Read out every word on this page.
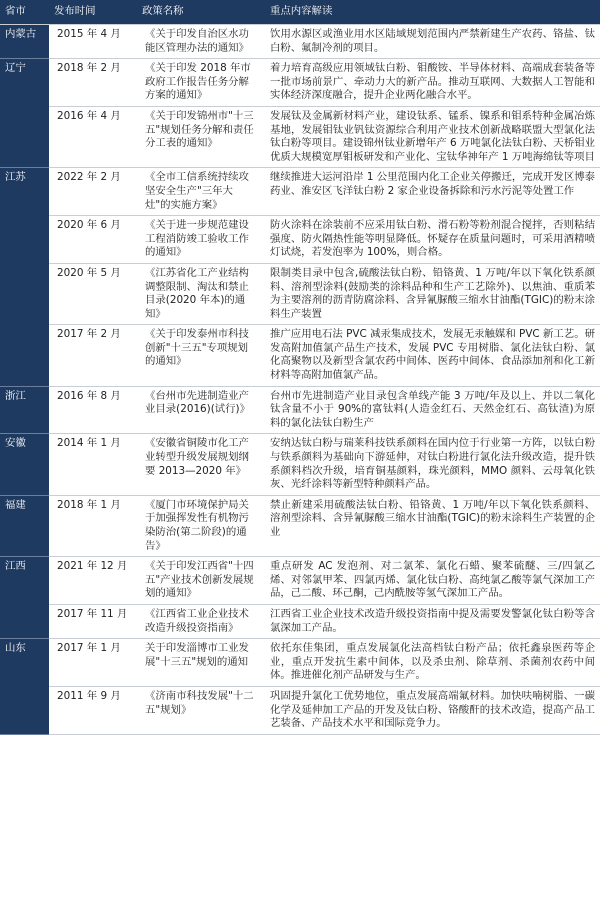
省市	发布时间	政策名称	重点内容解读
内蒙古	2015 年 4 月	《关于印发自治区水功能区管理办法的通知》	饮用水源区或渔业用水区陆域规划范围内严禁新建生产农药、铬盐、钛白粉、氟制冷剂的项目。
辽宁	2018 年 2 月	《关于印发 2018 年市政府工作报告任务分解方案的通知》	着力培育高级应用领域钛白粉、钼酸铵、半导体材料、高端成套装备等一批市场前景广、牵动力大的新产品。推动互联网、大数据人工智能和实体经济深度融合，提升企业两化融合水平。
	2016 年 4 月	《关于印发锦州市"十三五"规划任务分解和责任分工表的通知》	发展钛及金属新材料产业，建设钛系、锰系、镍系和钼系特种金属冶炼基地，发展钼钛业钒钛资源综合利用产业技术创新战略联盟大型氯化法钛白粉等项目。建设锦州钛业新增年产 6 万吨氯化法钛白粉、天桥钼业优质大规模宽厚钼板研发和产业化、宝钛华神年产 1 万吨海绵钛等项目
江苏	2022 年 2 月	《全市工信系统持续攻坚安全生产"三年大灶"的实施方案》	继续推进大运河沿岸 1 公里范围内化工企业关停搬迁，完成开发区博泰药业、淮安区飞洋钛白粉 2 家企业设备拆除和污水污泥等处置工作
	2020 年 6 月	《关于进一步规范建设工程消防竣工验收工作的通知》	防火涂料在涂装前不应采用钛白粉、滑石粉等粉剂混合搅拌，否则粘结强度、防火隔热性能等明显降低。怀疑存在质量问题时，可采用酒精喷灯试烧，若发泡率为 100%，则合格。
	2020 年 5 月	《江苏省化工产业结构调整限制、淘汰和禁止目录(2020 年本)的通知》	限制类目录中包含,硫酸法钛白粉、铅铬黄、1 万吨/年以下氧化铁系颜料、溶剂型涂料(鼓励类的涂料品种和生产工艺除外)、以焦油、重质苯为主要溶剂的沥青防腐涂料、含异氰脲酸三缩水甘油酯(TGIC)的粉末涂料生产装置
	2017 年 2 月	《关于印发泰州市科技创新"十三五"专项规划的通知》	推广应用电石法 PVC 减汞集成技术，发展无汞触媒和 PVC 新工艺。研发高附加值氯产品生产技术，发展 PVC 专用树脂、氯化法钛白粉、氯化高聚物以及新型含氯农药中间体、医药中间体、食品添加剂和化工新材料等高附加值氯产品。
浙江	2016 年 8 月	《台州市先进制造业产业目录(2016)(试行)》	台州市先进制造产业目录包含单线产能 3 万吨/年及以上、并以二氧化钛含量不小于 90%的富钛料(人造金红石、天然金红石、高钛渣)为原料的氯化法钛白粉生产
安徽	2014 年 1 月	《安徽省铜陵市化工产业转型升级发展规划纲要 2013—2020 年》	安纳达钛白粉与瑞莱科技铁系颜料在国内位于行业第一方阵，以钛白粉与铁系颜料为基础向下游延伸，对钛白粉进行氯化法升级改造，提升铁系颜料档次升级，培育铜基颜料，珠光颜料，MMO 颜料、云母氧化铁灰、光纤涂料等新型特种颜料产品。
福建	2018 年 1 月	《厦门市环境保护局关于加强挥发性有机物污染防治(第二阶段)的通告》	禁止新建采用硫酸法钛白粉、铅铬黄、1 万吨/年以下氧化铁系颜料、溶剂型涂料、含异氰脲酸三缩水甘油酯(TGIC)的粉末涂料生产装置的企业
江西	2021 年 12 月	《关于印发江西省"十四五"产业技术创新发展规划的通知》	重点研发 AC 发泡剂、对二氯苯、氯化石蜡、聚苯硫醚、三/四氯乙烯、对邻氯甲苯、四氯丙烯、氯化钛白粉、高纯氯乙酸等氯气深加工产品，己二酸、环己酮，己内酰胺等氢气深加工产品。
	2017 年 11 月	《江西省工业企业技术改造升级投资指南》	江西省工业企业技术改造升级投资指南中提及需要发警氯化钛白粉等含氯深加工产品。
山东	2017 年 1 月	关于印发淄博市工业发展"十三五"规划的通知	依托东佳集团，重点发展氯化法高档钛白粉产品；依托鑫泉医药等企业，重点开发抗生素中间体，以及杀虫剂、除草剂、杀菌剂农药中间体。推进催化剂产品研发与生产。
	2011 年 9 月	《济南市科技发展"十二五"规划》	巩固提升氯化工优势地位，重点发展高端氟材料。加快呋喃树脂、一碳化学及延伸加工产品的开发及钛白粉、铬酸酐的技术改造，提高产品工艺装备、产品技术水平和国际竞争力。
